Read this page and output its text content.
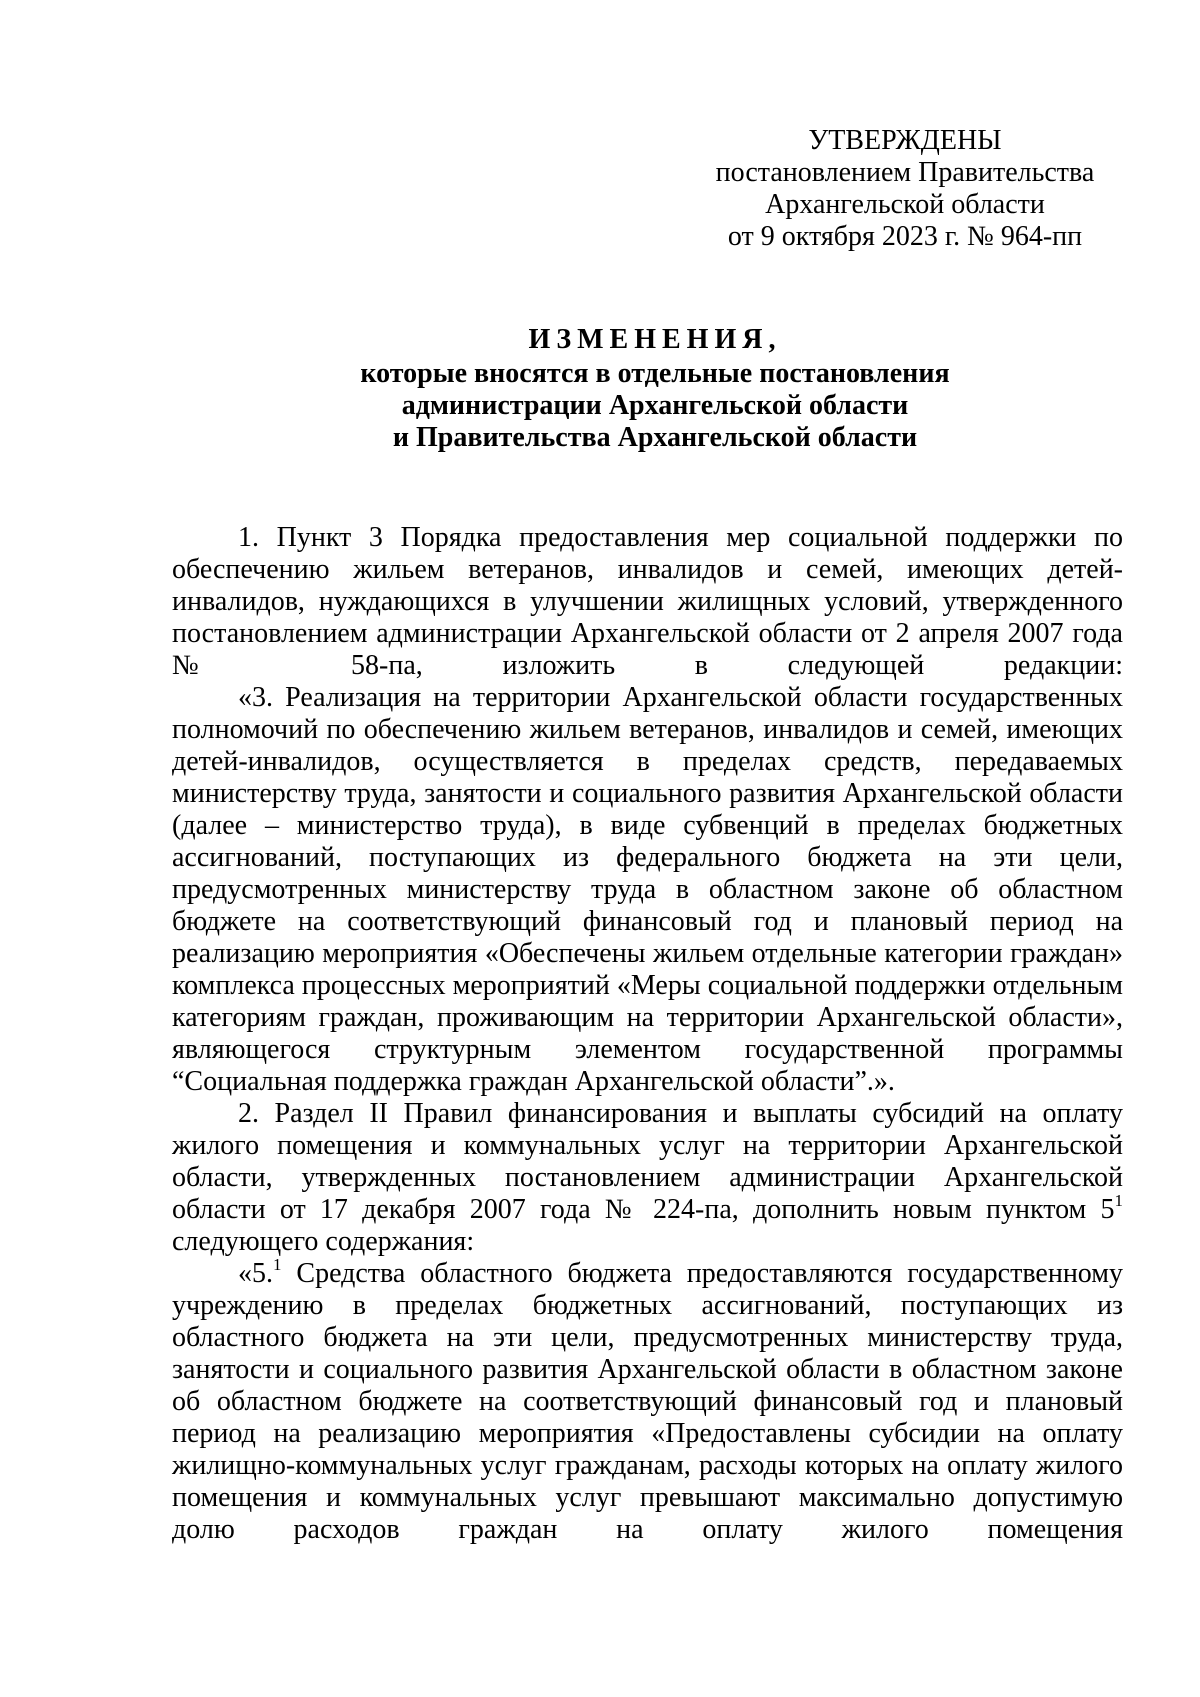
УТВЕРЖДЕНЫ
постановлением Правительства
Архангельской области
от 9 октября 2023 г. № 964-пп
ИЗМЕНЕНИЯ,
которые вносятся в отдельные постановления
администрации Архангельской области
и Правительства Архангельской области

1. Пункт 3 Порядка предоставления мер социальной поддержки по обеспечению жильем ветеранов, инвалидов и семей, имеющих детей-инвалидов, нуждающихся в улучшении жилищных условий, утвержденного постановлением администрации Архангельской области от 2 апреля 2007 года № 58-па, изложить в следующей редакции:

«3. Реализация на территории Архангельской области государственных полномочий по обеспечению жильем ветеранов, инвалидов и семей, имеющих детей-инвалидов, осуществляется в пределах средств, передаваемых министерству труда, занятости и социального развития Архангельской области (далее – министерство труда), в виде субвенций в пределах бюджетных ассигнований, поступающих из федерального бюджета на эти цели, предусмотренных министерству труда в областном законе об областном бюджете на соответствующий финансовый год и плановый период на реализацию мероприятия «Обеспечены жильем отдельные категории граждан» комплекса процессных мероприятий «Меры социальной поддержки отдельным категориям граждан, проживающим на территории Архангельской области», являющегося структурным элементом государственной программы “Социальная поддержка граждан Архангельской области”.».

2. Раздел II Правил финансирования и выплаты субсидий на оплату жилого помещения и коммунальных услуг на территории Архангельской области, утвержденных постановлением администрации Архангельской области от 17 декабря 2007 года № 224-па, дополнить новым пунктом $5^1$ следующего содержания:

«5.$^1$ Средства областного бюджета предоставляются государственному учреждению в пределах бюджетных ассигнований, поступающих из областного бюджета на эти цели, предусмотренных министерству труда, занятости и социального развития Архангельской области в областном законе об областном бюджете на соответствующий финансовый год и плановый период на реализацию мероприятия «Предоставлены субсидии на оплату жилищно-коммунальных услуг гражданам, расходы которых на оплату жилого помещения и коммунальных услуг превышают максимально допустимую долю расходов граждан на оплату жилого помещения
